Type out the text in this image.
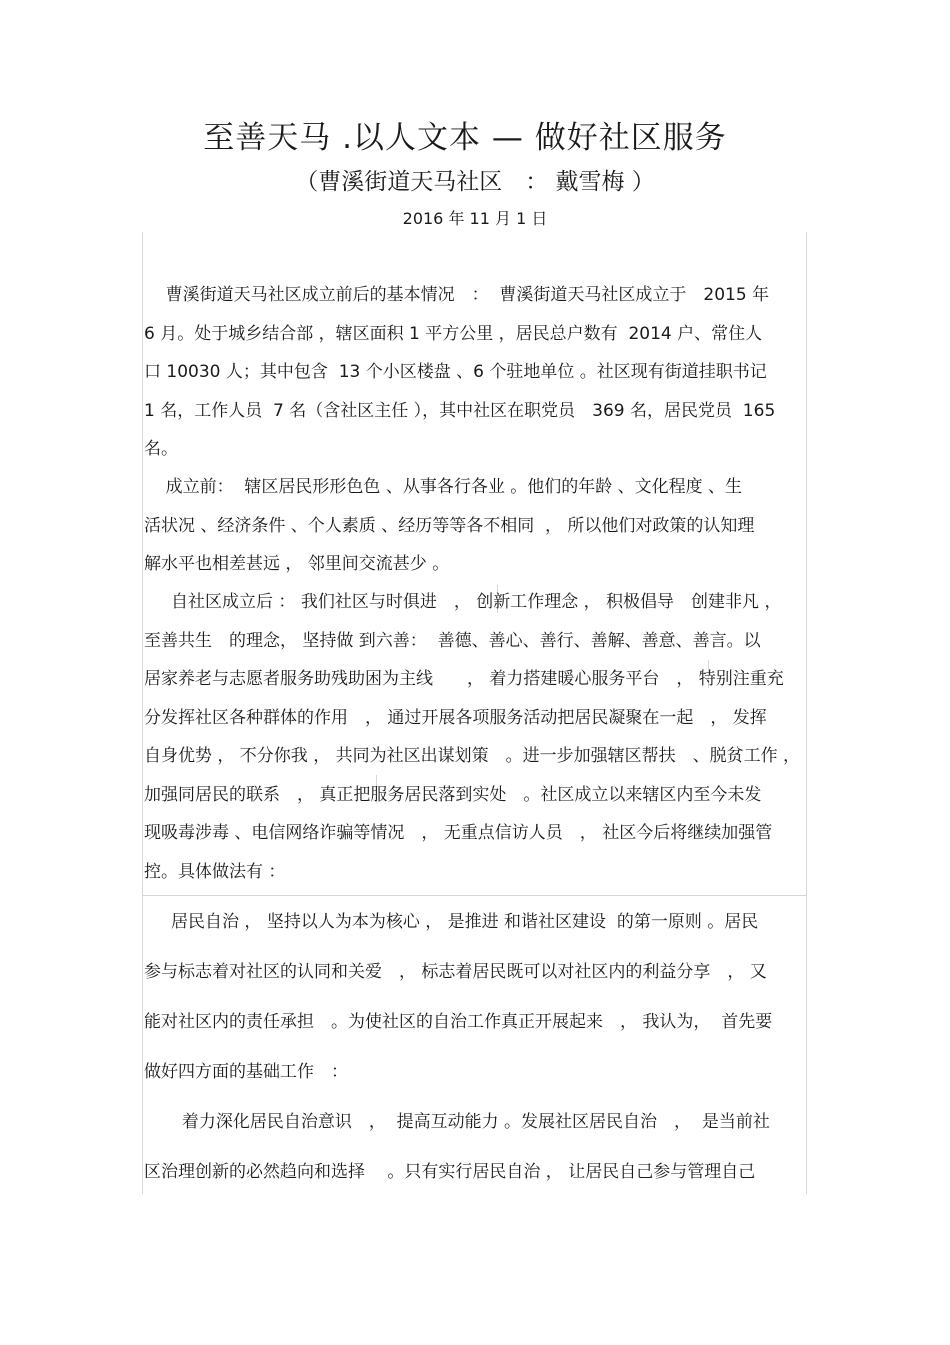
至善天马 .以人文本 — 做好社区服务
（曹溪街道天马社区　： 戴雪梅 ）
2016 年 11 月 1 日
曹溪街道天马社区成立前后的基本情况　：  曹溪街道天马社区成立于　2015 年
6 月。处于城乡结合部 ，辖区面积 1 平方公里 ，居民总户数有  2014 户、常住人
口 10030 人；其中包含  13 个小区楼盘 、6 个驻地单位 。社区现有街道挂职书记
1 名，工作人员  7 名（含社区主任 ），其中社区在职党员　369 名，居民党员  165
名。
成立前：  辖区居民形形色色 、从事各行各业 。他们的年龄 、文化程度 、生
活状况 、经济条件 、个人素质 、经历等等各不相同  ， 所以他们对政策的认知理
解水平也相差甚远 ， 邻里间交流甚少 。
自社区成立后 ： 我们社区与时俱进　， 创新工作理念 ， 积极倡导　创建非凡 ，
至善共生　的理念， 坚持做 到六善：  善德、善心、善行、善解、善意、善言。以
居家养老与志愿者服务助残助困为主线　　， 着力搭建暖心服务平台　， 特别注重充
分发挥社区各种群体的作用　， 通过开展各项服务活动把居民凝聚在一起　， 发挥
自身优势 ， 不分你我 ， 共同为社区出谋划策　。进一步加强辖区帮扶　、脱贫工作 ，
加强同居民的联系　， 真正把服务居民落到实处　。社区成立以来辖区内至今未发
现吸毒涉毒 、电信网络诈骗等情况　， 无重点信访人员　， 社区今后将继续加强管
控。具体做法有 ：
居民自治 ， 坚持以人为本为核心 ， 是推进 和谐社区建设  的第一原则 。居民
参与标志着对社区的认同和关爱　， 标志着居民既可以对社区内的利益分享　， 又
能对社区内的责任承担　。为使社区的自治工作真正开展起来　， 我认为，  首先要
做好四方面的基础工作　：
着力深化居民自治意识　，  提高互动能力 。发展社区居民自治　，  是当前社
区治理创新的必然趋向和选择　 。只有实行居民自治 ， 让居民自己参与管理自己
